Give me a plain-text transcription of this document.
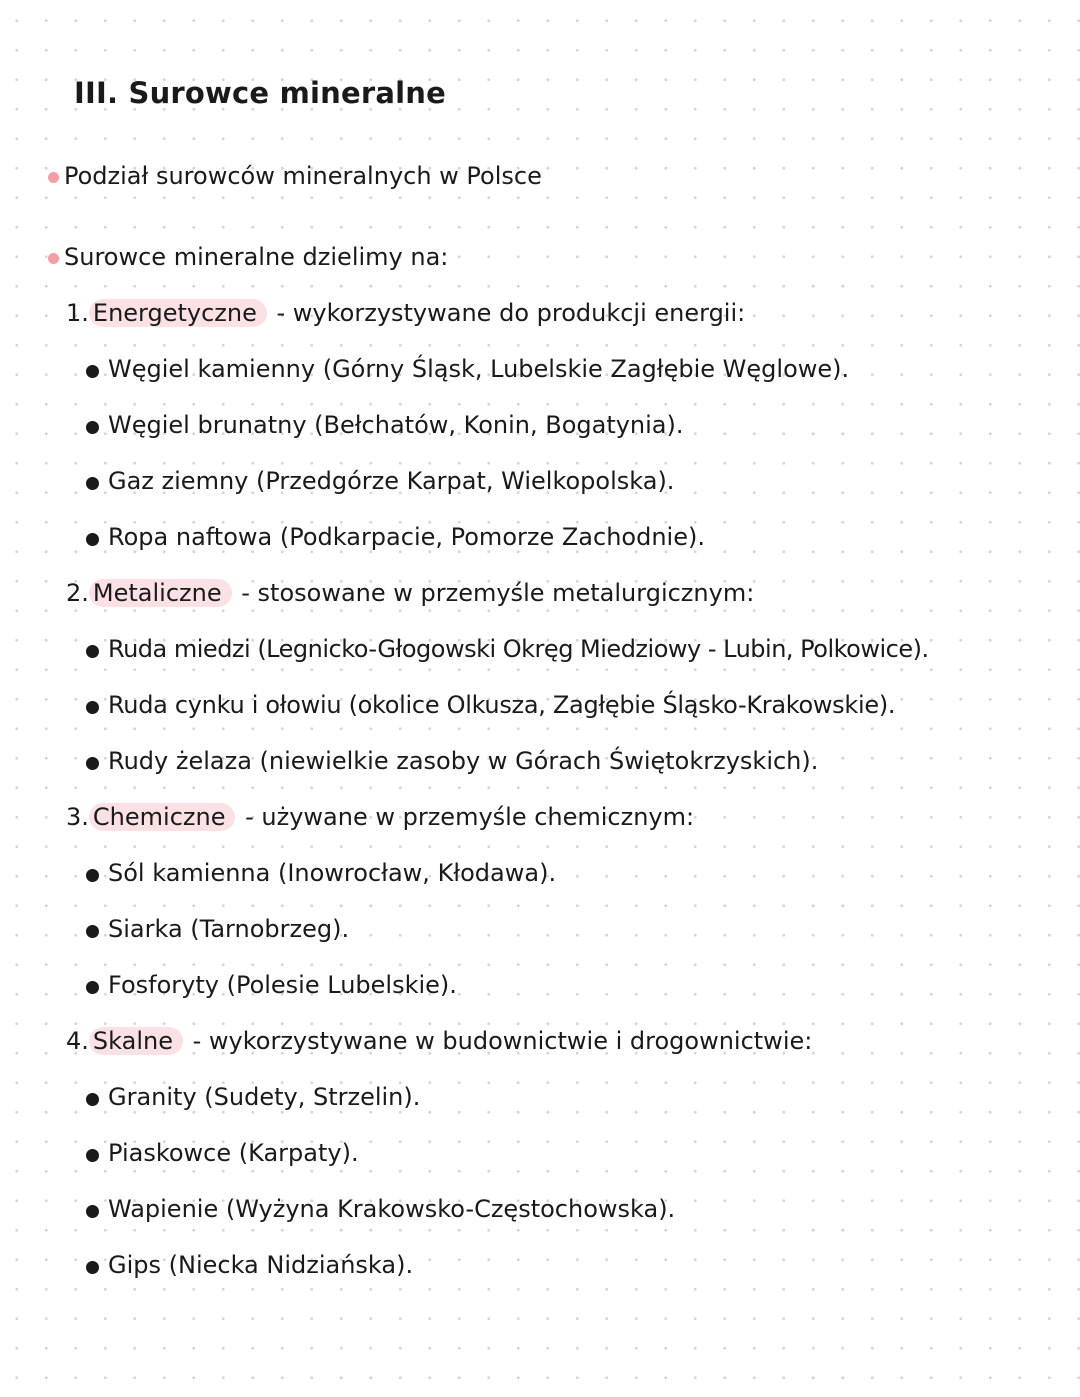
III. Surowce mineralne
Podział surowców mineralnych w Polsce
Surowce mineralne dzielimy na:
1. Energetyczne - wykorzystywane do produkcji energii:
Węgiel kamienny (Górny Śląsk, Lubelskie Zagłębie Węglowe).
Węgiel brunatny (Bełchatów, Konin, Bogatynia).
Gaz ziemny (Przedgórze Karpat, Wielkopolska).
Ropa naftowa (Podkarpacie, Pomorze Zachodnie).
2. Metaliczne - stosowane w przemyśle metalurgicznym:
Ruda miedzi (Legnicko-Głogowski Okręg Miedziowy - Lubin, Polkowice).
Ruda cynku i ołowiu (okolice Olkusza, Zagłębie Śląsko-Krakowskie).
Rudy żelaza (niewielkie zasoby w Górach Świętokrzyskich).
3. Chemiczne - używane w przemyśle chemicznym:
Sól kamienna (Inowrocław, Kłodawa).
Siarka (Tarnobrzeg).
Fosforyty (Polesie Lubelskie).
4. Skalne - wykorzystywane w budownictwie i drogownictwie:
Granity (Sudety, Strzelin).
Piaskowce (Karpaty).
Wapienie (Wyżyna Krakowsko-Częstochowska).
Gips (Niecka Nidziańska).
